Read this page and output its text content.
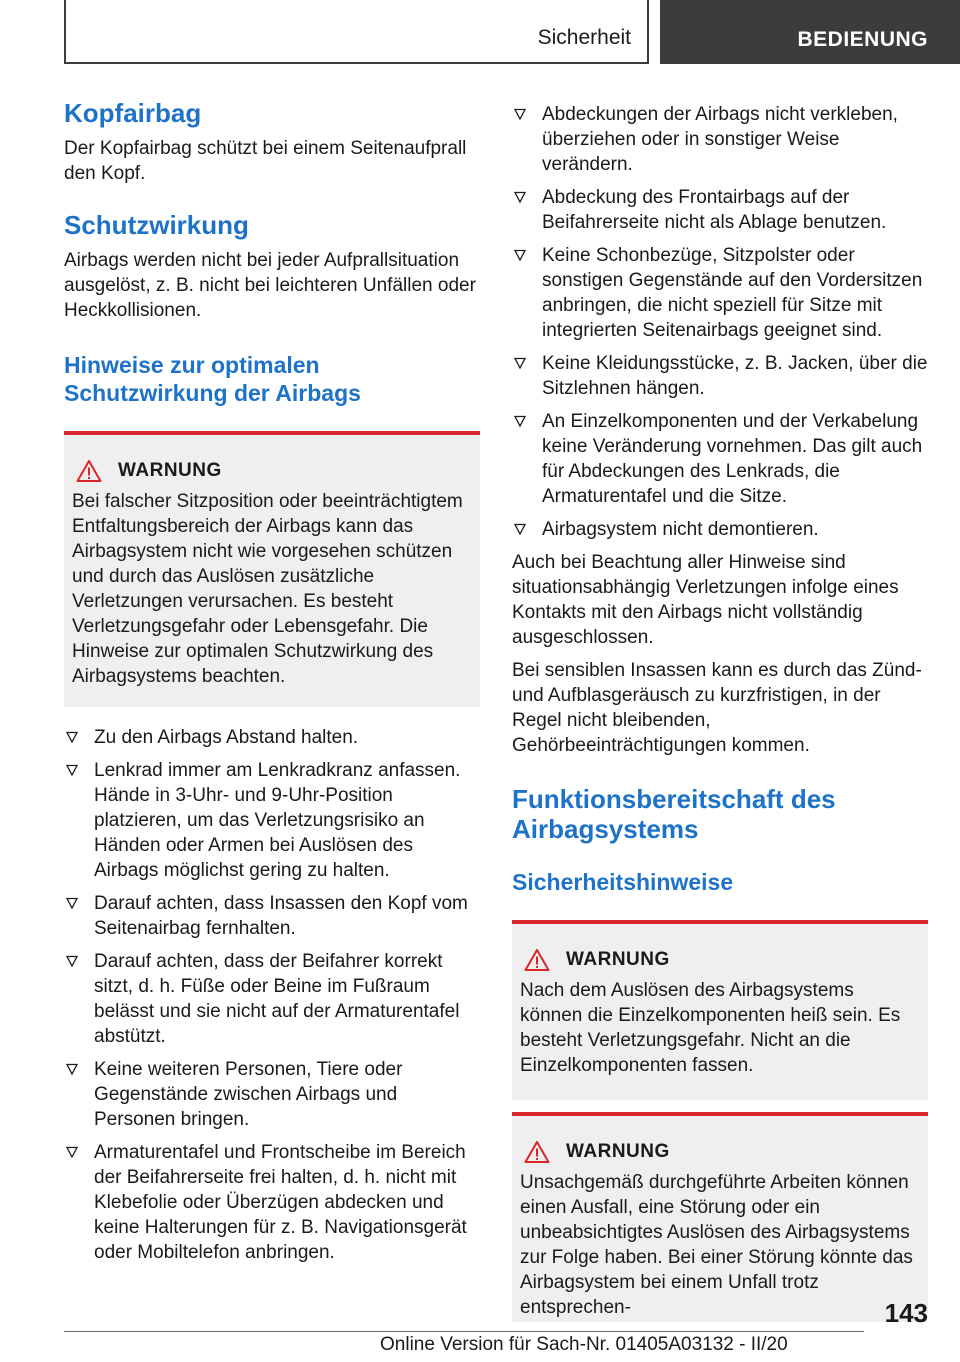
Sicherheit	BEDIENUNG
Kopfairbag

Der Kopfairbag schützt bei einem Seitenaufprall den Kopf.

Schutzwirkung

Airbags werden nicht bei jeder Aufprallsituation ausgelöst, z. B. nicht bei leichteren Unfällen oder Heckkollisionen.

Hinweise zur optimalen
Schutzwirkung der Airbags
WARNUNG

Bei falscher Sitzposition oder beeinträchtigtem Entfaltungsbereich der Airbags kann das Airbagsystem nicht wie vorgesehen schützen und durch das Auslösen zusätzliche Verletzungen verursachen. Es besteht Verletzungsgefahr oder Lebensgefahr. Die Hinweise zur optimalen Schutzwirkung des Airbagsystems beachten.

Zu den Airbags Abstand halten.
Lenkrad immer am Lenkradkranz anfassen. Hände in 3-Uhr- und 9-Uhr-Position platzieren, um das Verletzungsrisiko an Händen oder Armen bei Auslösen des Airbags möglichst gering zu halten.
Darauf achten, dass Insassen den Kopf vom Seitenairbag fernhalten.
Darauf achten, dass der Beifahrer korrekt sitzt, d. h. Füße oder Beine im Fußraum belässt und sie nicht auf der Armaturentafel abstützt.
Keine weiteren Personen, Tiere oder Gegenstände zwischen Airbags und Personen bringen.
Armaturentafel und Frontscheibe im Bereich der Beifahrerseite frei halten, d. h. nicht mit Klebefolie oder Überzügen abdecken und keine Halterungen für z. B. Navigationsgerät oder Mobiltelefon anbringen.
Abdeckungen der Airbags nicht verkleben, überziehen oder in sonstiger Weise verändern.
Abdeckung des Frontairbags auf der Beifahrerseite nicht als Ablage benutzen.
Keine Schonbezüge, Sitzpolster oder sonstigen Gegenstände auf den Vordersitzen anbringen, die nicht speziell für Sitze mit integrierten Seitenairbags geeignet sind.
Keine Kleidungsstücke, z. B. Jacken, über die Sitzlehnen hängen.
An Einzelkomponenten und der Verkabelung keine Veränderung vornehmen. Das gilt auch für Abdeckungen des Lenkrads, die Armaturentafel und die Sitze.
Airbagsystem nicht demontieren.

Auch bei Beachtung aller Hinweise sind situationsabhängig Verletzungen infolge eines Kontakts mit den Airbags nicht vollständig ausgeschlossen.

Bei sensiblen Insassen kann es durch das Zünd- und Aufblasgeräusch zu kurzfristigen, in der Regel nicht bleibenden, Gehörbeeinträchtigungen kommen.

Funktionsbereitschaft des
Airbagsystems
Sicherheitshinweise
WARNUNG

Nach dem Auslösen des Airbagsystems können die Einzelkomponenten heiß sein. Es besteht Verletzungsgefahr. Nicht an die Einzelkomponenten fassen.

WARNUNG

Unsachgemäß durchgeführte Arbeiten können einen Ausfall, eine Störung oder ein unbeabsichtigtes Auslösen des Airbagsystems zur Folge haben. Bei einer Störung könnte das Airbagsystem bei einem Unfall trotz entsprechen-	143
Online Version für Sach-Nr. 01405A03132 - II/20
